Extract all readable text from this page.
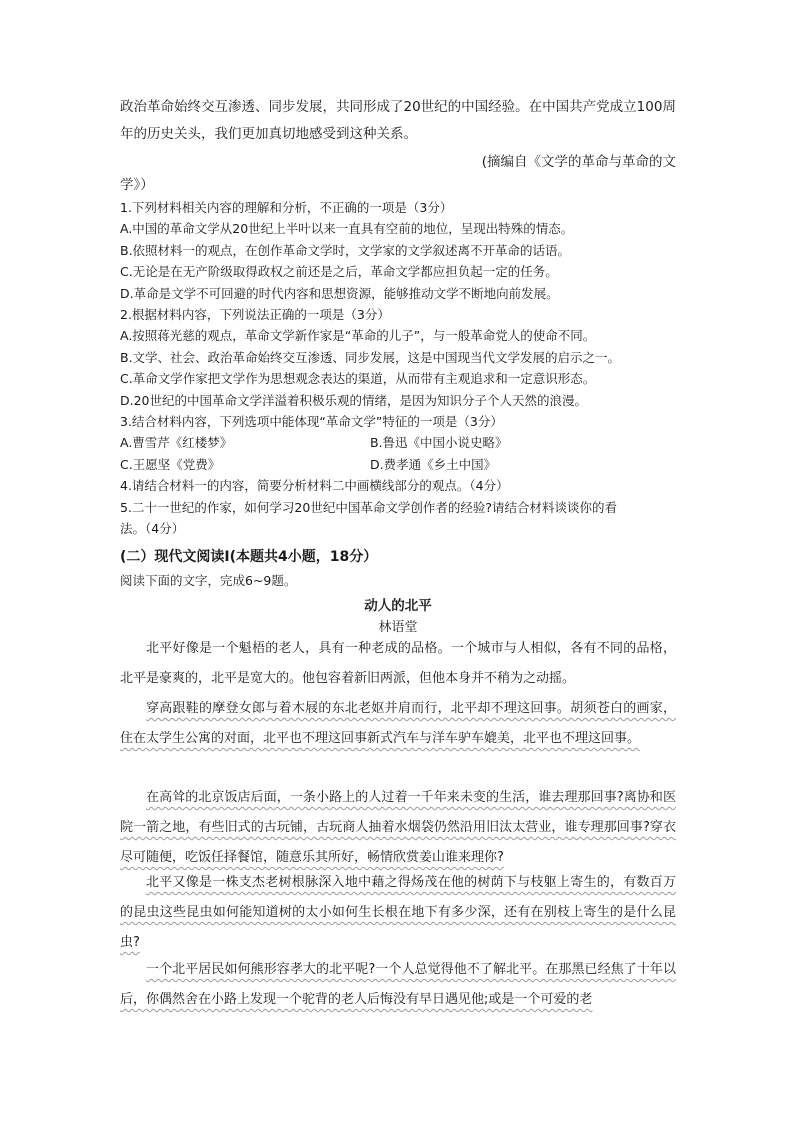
政治革命始终交互渗透、同步发展，共同形成了20世纪的中国经验。在中国共产党成立100周年的历史关头，我们更加真切地感受到这种关系。

(摘编自《文学的革命与革命的文

学》）

1.下列材料相关内容的理解和分析，不正确的一项是（3分）

A.中国的革命文学从20世纪上半叶以来一直具有空前的地位，呈现出特殊的情态。

B.依照材料一的观点，在创作革命文学时，文学家的文学叙述离不开革命的话语。

C.无论是在无产阶级取得政权之前还是之后，革命文学都应担负起一定的任务。

D.革命是文学不可回避的时代内容和思想资源，能够推动文学不断地向前发展。

2.根据材料内容，下列说法正确的一项是（3分）

A.按照蒋光慈的观点，革命文学新作家是“革命的儿子”，与一般革命党人的使命不同。

B.文学、社会、政治革命始终交互渗透、同步发展，这是中国现当代文学发展的启示之一。

C.革命文学作家把文学作为思想观念表达的渠道，从而带有主观追求和一定意识形态。

D.20世纪的中国革命文学洋溢着积极乐观的情绪，是因为知识分子个人天然的浪漫。

3.结合材料内容，下列选项中能体现“革命文学”特征的一项是（3分）

A.曹雪芹《红楼梦》	B.鲁迅《中国小说史略》

C.王愿坚《党费》	D.费孝通《乡土中国》

4.请结合材料一的内容，简要分析材料二中画横线部分的观点。（4分）

5.二十一世纪的作家，如何学习20世纪中国革命文学创作者的经验?请结合材料谈谈你的看

法。（4分）

(二）现代文阅读Ⅰ(本题共4小题，18分）

阅读下面的文字，完成6~9题。

动人的北平

林语堂

北平好像是一个魁梧的老人，具有一种老成的品格。一个城市与人相似，各有不同的品格，北平是豪爽的，北平是宽大的。他包容着新旧两派，但他本身并不稍为之动摇。

穿高跟鞋的摩登女郎与着木屐的东北老妪并肩而行，北平却不理这回事。胡须苍白的画家，住在太学生公寓的对面，北平也不理这回事新式汽车与洋车驴车媲美，北平也不理这回事。

在高耸的北京饭店后面，一条小路上的人过着一千年来未变的生活，谁去理那回事?离协和医院一箭之地，有些旧式的古玩铺，古玩商人抽着水烟袋仍然沿用旧汰太营业，谁专理那回事?穿衣尽可随便，吃饭任择餐馆，随意乐其所好，畅情欣赏姜山谁来理你?

北平又像是一株支杰老树根脉深入地中藉之得炀茂在他的树荫下与枝躯上寄生的，有数百万的昆虫这些昆虫如何能知道树的太小如何生长根在地下有多少深，还有在别枝上寄生的是什么昆虫?

一个北平居民如何熊形容孝大的北平呢?一个人总觉得他不了解北平。在那黑已经焦了十年以后，你偶然舍在小路上发现一个驼背的老人后悔没有早日遇见他;或是一个可爱的老
